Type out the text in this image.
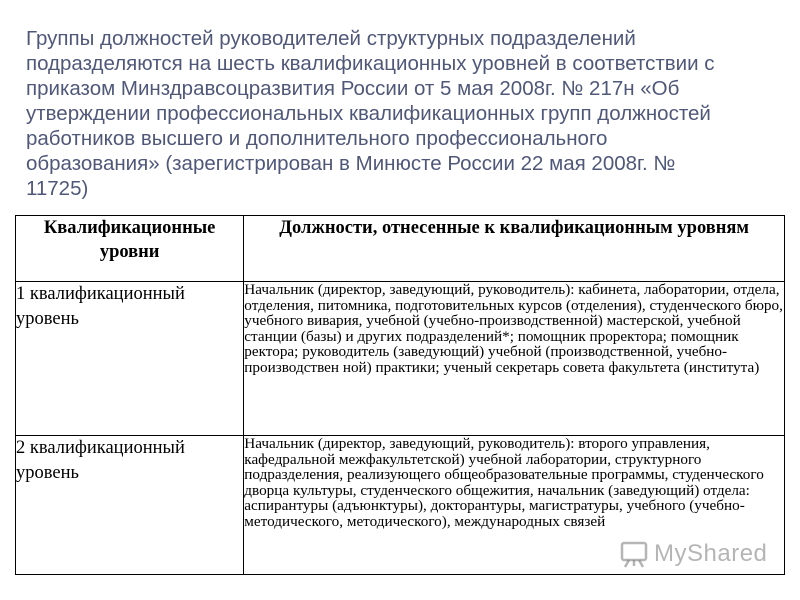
Группы должностей руководителей структурных подразделений
подразделяются на шесть квалификационных уровней в соответствии с
приказом Минздравсоцразвития России от 5 мая 2008г. № 217н «Об
утверждении профессиональных квалификационных групп должностей
работников высшего и дополнительного профессионального
образования» (зарегистрирован в Минюсте России 22 мая 2008г. №
11725)
Квалификационные уровни	Должности, отнесенные к квалификационным уровням
1 квалификационный уровень	Начальник (директор, заведующий, руководитель): кабинета, лаборатории, отдела, отделения, питомника, подготовительных курсов (отделения), студенческого бюро, учебного вивария, учебной (учебно-производственной) мастерской, учебной станции (базы) и других подразделений*; помощник проректора; помощник ректора; руководитель (заведующий) учебной (производственной, учебно-производствен ной) практики; ученый секретарь совета факультета (института)
2 квалификационный уровень	Начальник (директор, заведующий, руководитель): второго управления, кафедральной межфакультетской) учебной лаборатории, структурного подразделения, реализующего общеобразовательные программы, студенческого дворца культуры, студенческого общежития, начальник (заведующий) отдела: аспирантуры (адъюнктуры), докторантуры, магистратуры, учебного (учебно-методического, методического), международных связей
MyShared
